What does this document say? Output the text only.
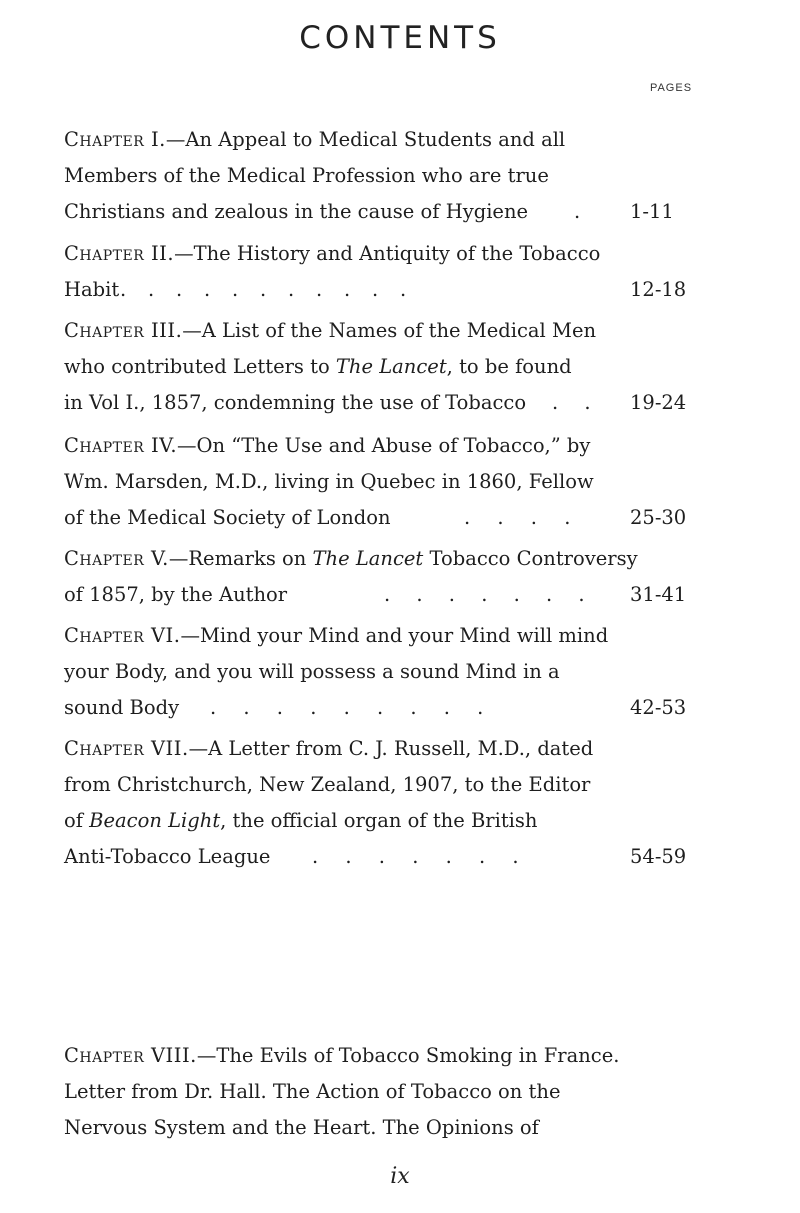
CONTENTS
PAGES
Chapter I.—An Appeal to Medical Students and all
Members of the Medical Profession who are true
Christians and zealous in the cause of Hygiene .	1-11
Chapter II.—The History and Antiquity of the Tobacco
Habit . . . . . . . . . . .	12-18
Chapter III.—A List of the Names of the Medical Men
who contributed Letters to The Lancet, to be found
in Vol I., 1857, condemning the use of Tobacco . . 19-24
Chapter IV.—On “The Use and Abuse of Tobacco,” by
Wm. Marsden, M.D., living in Quebec in 1860, Fellow
of the Medical Society of London	. . . .	25-30
Chapter V.—Remarks on The Lancet Tobacco Controversy
of 1857, by the Author	. . . . . . . 31-41
Chapter VI.—Mind your Mind and your Mind will mind
your Body, and you will possess a sound Mind in a
sound Body . . . . . . . . .	42-53
Chapter VII.—A Letter from C. J. Russell, M.D., dated
from Christchurch, New Zealand, 1907, to the Editor
of Beacon Light, the official organ of the British
Anti-Tobacco League . . . . . . .	54-59
Chapter VIII.—The Evils of Tobacco Smoking in France.
Letter from Dr. Hall. The Action of Tobacco on the
Nervous System and the Heart. The Opinions of
ix
